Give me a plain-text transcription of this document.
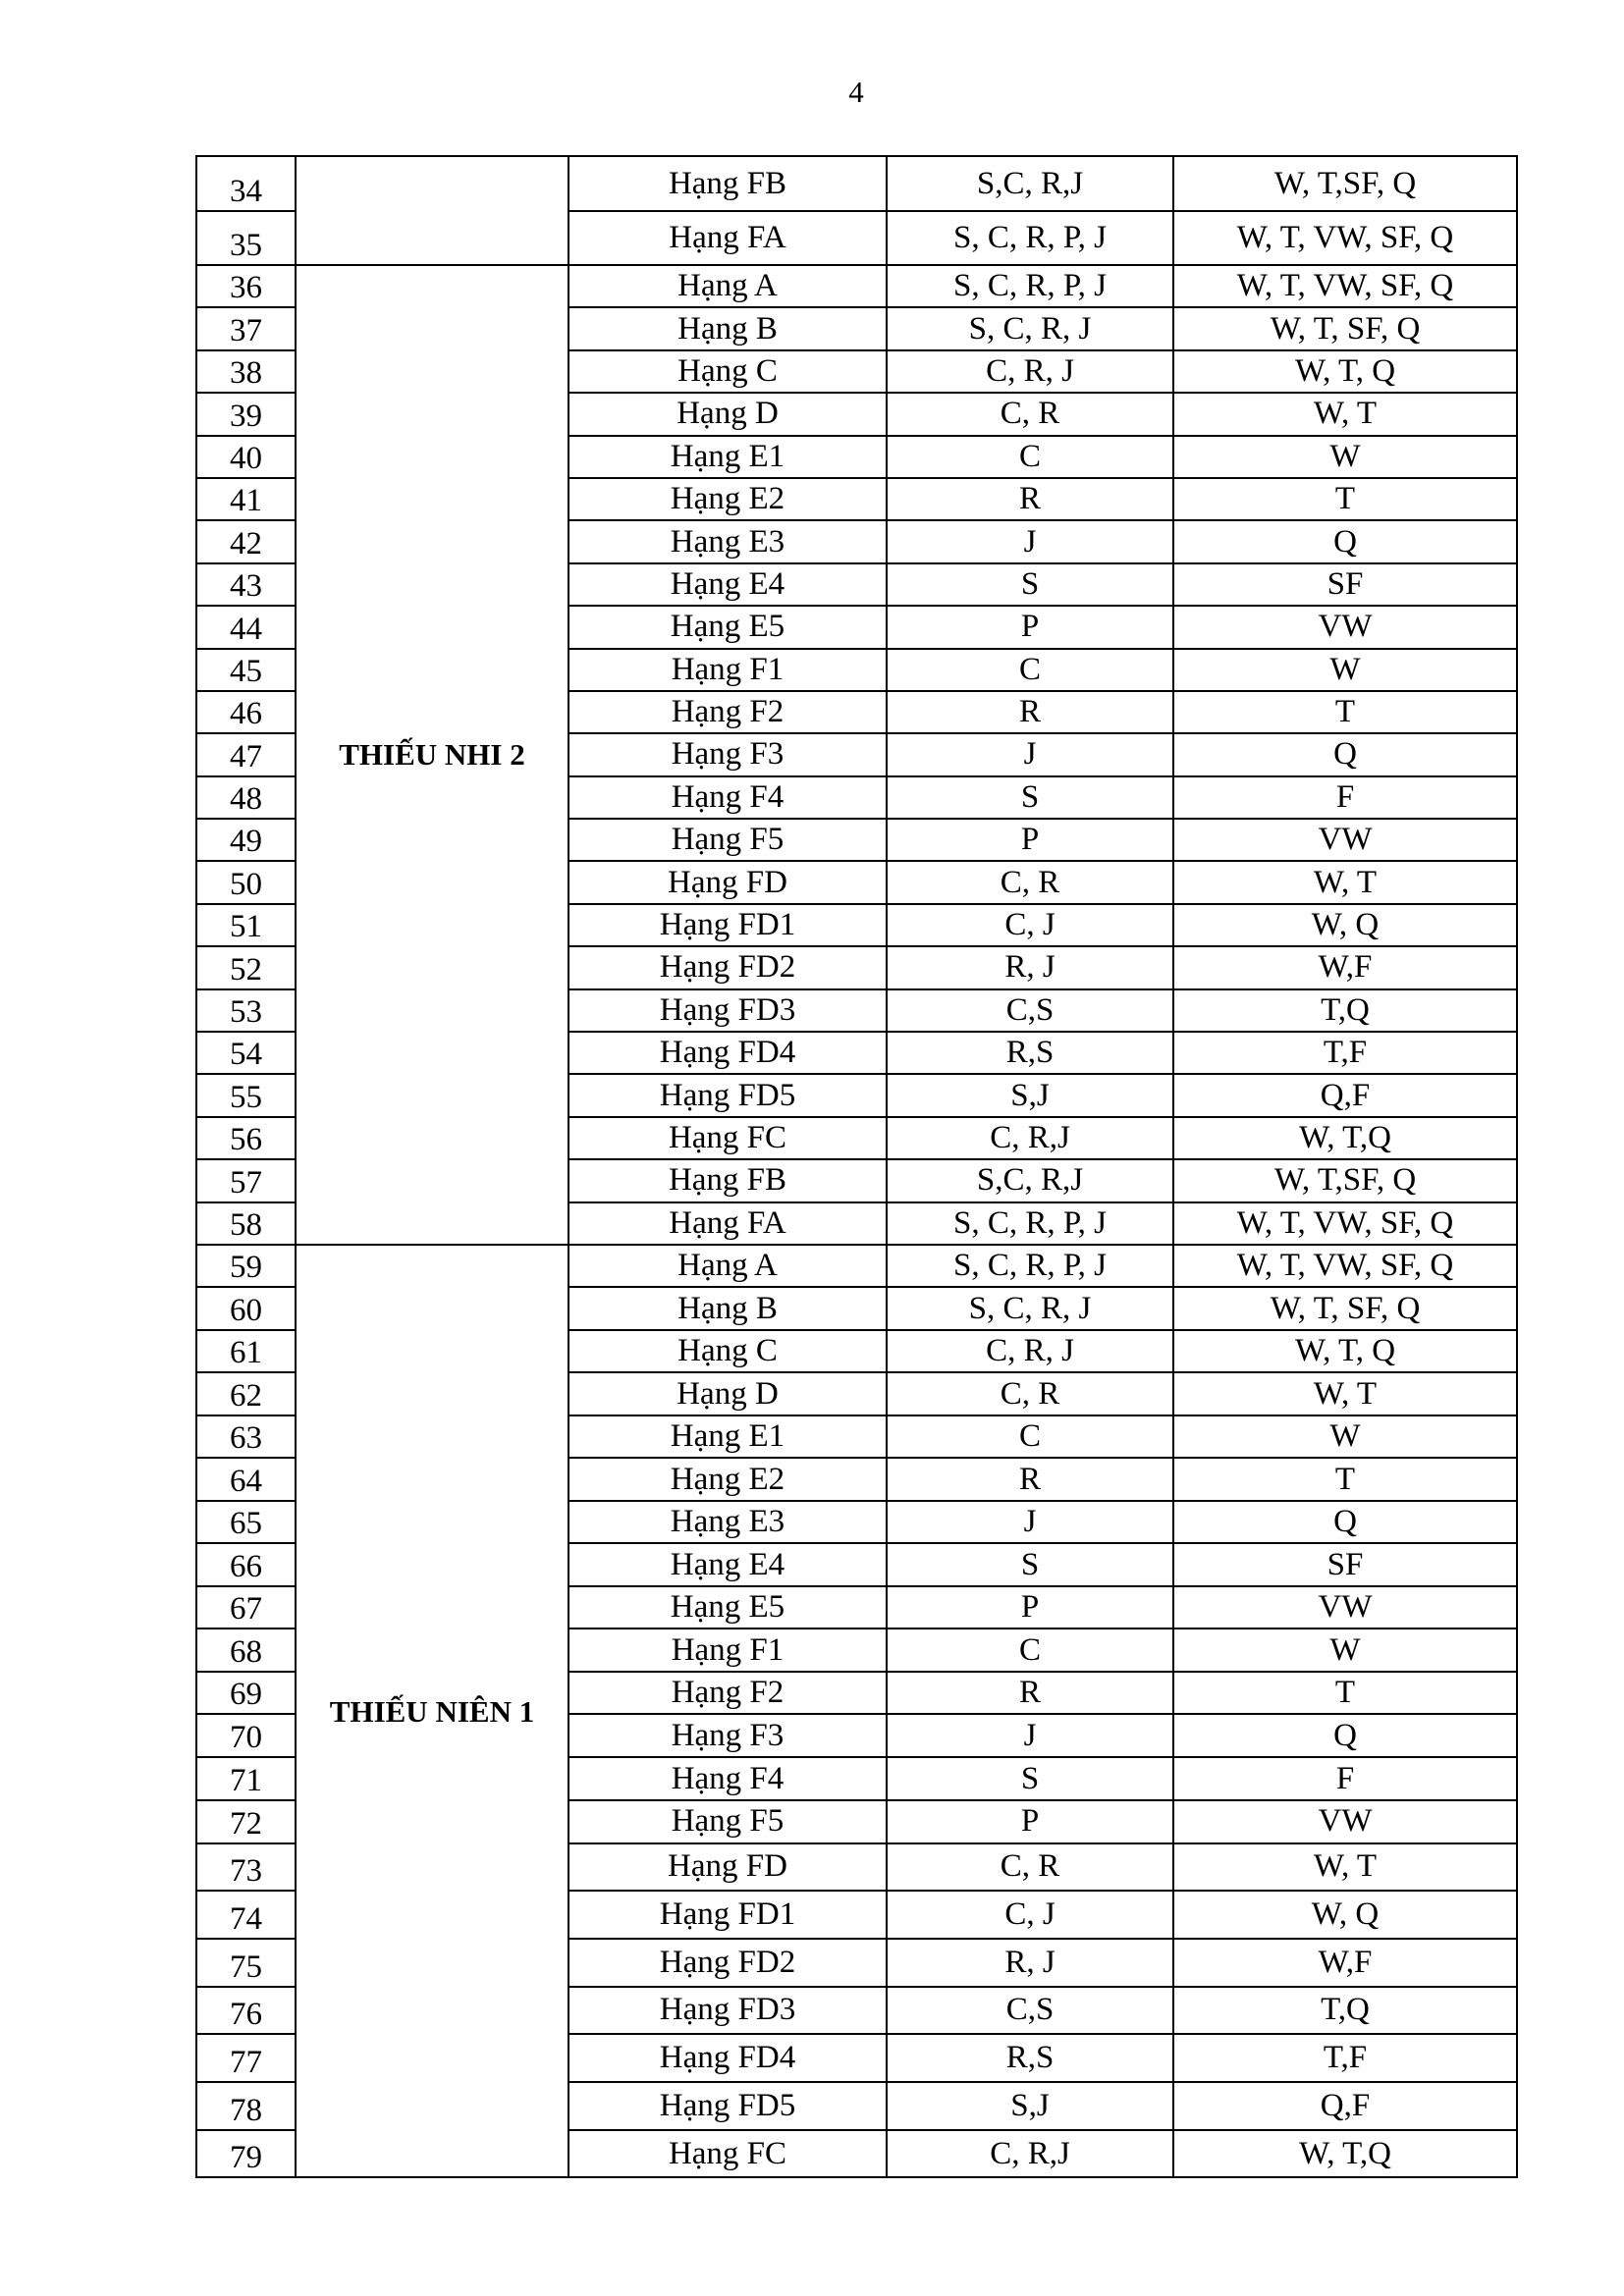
4
34		Hạng FB	S,C, R,J	W, T,SF, Q
35		Hạng FA	S, C, R, P, J	W, T, VW, SF, Q
36	THIẾU NHI 2	Hạng A	S, C, R, P, J	W, T, VW, SF, Q
37		Hạng B	S, C, R, J	W, T, SF, Q
38		Hạng C	C, R, J	W, T, Q
39		Hạng D	C, R	W, T
40		Hạng E1	C	W
41		Hạng E2	R	T
42		Hạng E3	J	Q
43		Hạng E4	S	SF
44		Hạng E5	P	VW
45		Hạng F1	C	W
46		Hạng F2	R	T
47		Hạng F3	J	Q
48		Hạng F4	S	F
49		Hạng F5	P	VW
50		Hạng FD	C, R	W, T
51		Hạng FD1	C, J	W, Q
52		Hạng FD2	R, J	W,F
53		Hạng FD3	C,S	T,Q
54		Hạng FD4	R,S	T,F
55		Hạng FD5	S,J	Q,F
56		Hạng FC	C, R,J	W, T,Q
57		Hạng FB	S,C, R,J	W, T,SF, Q
58		Hạng FA	S, C, R, P, J	W, T, VW, SF, Q
59	THIẾU NIÊN 1	Hạng A	S, C, R, P, J	W, T, VW, SF, Q
60		Hạng B	S, C, R, J	W, T, SF, Q
61		Hạng C	C, R, J	W, T, Q
62		Hạng D	C, R	W, T
63		Hạng E1	C	W
64		Hạng E2	R	T
65		Hạng E3	J	Q
66		Hạng E4	S	SF
67		Hạng E5	P	VW
68		Hạng F1	C	W
69		Hạng F2	R	T
70		Hạng F3	J	Q
71		Hạng F4	S	F
72		Hạng F5	P	VW
73		Hạng FD	C, R	W, T
74		Hạng FD1	C, J	W, Q
75		Hạng FD2	R, J	W,F
76		Hạng FD3	C,S	T,Q
77		Hạng FD4	R,S	T,F
78		Hạng FD5	S,J	Q,F
79		Hạng FC	C, R,J	W, T,Q
